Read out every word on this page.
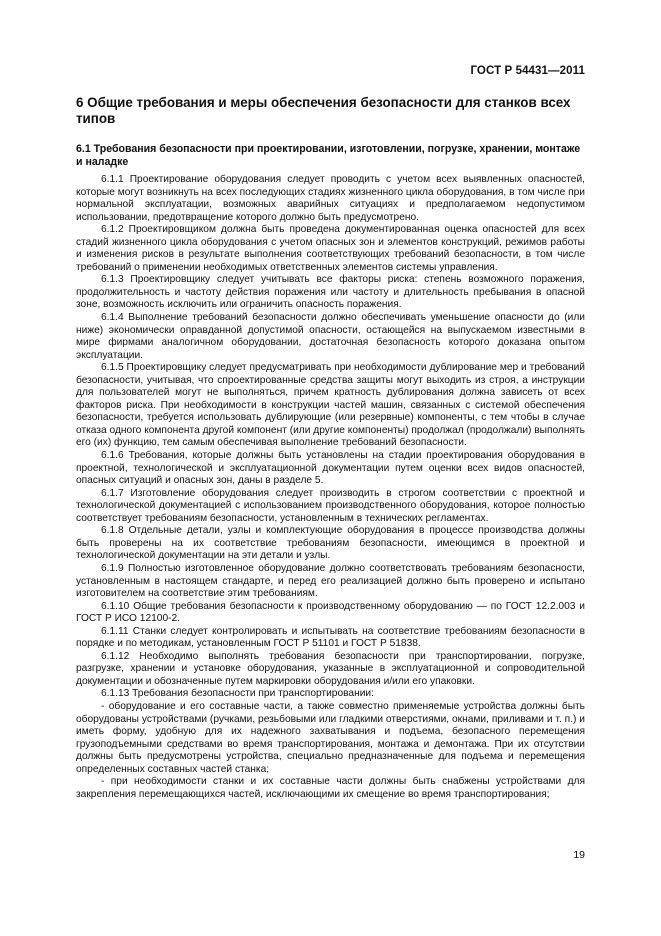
ГОСТ Р 54431—2011
6 Общие требования и меры обеспечения безопасности для станков всех типов
6.1 Требования безопасности при проектировании, изготовлении, погрузке, хранении, монтаже и наладке

6.1.1 Проектирование оборудования следует проводить с учетом всех выявленных опасностей, которые могут возникнуть на всех последующих стадиях жизненного цикла оборудования, в том числе при нормальной эксплуатации, возможных аварийных ситуациях и предполагаемом недопустимом использовании, предотвращение которого должно быть предусмотрено.

6.1.2 Проектировщиком должна быть проведена документированная оценка опасностей для всех стадий жизненного цикла оборудования с учетом опасных зон и элементов конструкций, режимов работы и изменения рисков в результате выполнения соответствующих требований безопасности, в том числе требований о применении необходимых ответственных элементов системы управления.

6.1.3 Проектировщику следует учитывать все факторы риска: степень возможного поражения, продолжительность и частоту действия поражения или частоту и длительность пребывания в опасной зоне, возможность исключить или ограничить опасность поражения.

6.1.4 Выполнение требований безопасности должно обеспечивать уменьшение опасности до (или ниже) экономически оправданной допустимой опасности, остающейся на выпускаемом известными в мире фирмами аналогичном оборудовании, достаточная безопасность которого доказана опытом эксплуатации.

6.1.5 Проектировщику следует предусматривать при необходимости дублирование мер и требований безопасности, учитывая, что спроектированные средства защиты могут выходить из строя, а инструкции для пользователей могут не выполняться, причем кратность дублирования должна зависеть от всех факторов риска. При необходимости в конструкции частей машин, связанных с системой обеспечения безопасности, требуется использовать дублирующие (или резервные) компоненты, с тем чтобы в случае отказа одного компонента другой компонент (или другие компоненты) продолжал (продолжали) выполнять его (их) функцию, тем самым обеспечивая выполнение требований безопасности.

6.1.6 Требования, которые должны быть установлены на стадии проектирования оборудования в проектной, технологической и эксплуатационной документации путем оценки всех видов опасностей, опасных ситуаций и опасных зон, даны в разделе 5.

6.1.7 Изготовление оборудования следует производить в строгом соответствии с проектной и технологической документацией с использованием производственного оборудования, которое полностью соответствует требованиям безопасности, установленным в технических регламентах.

6.1.8 Отдельные детали, узлы и комплектующие оборудования в процессе производства должны быть проверены на их соответствие требованиям безопасности, имеющимся в проектной и технологической документации на эти детали и узлы.

6.1.9 Полностью изготовленное оборудование должно соответствовать требованиям безопасности, установленным в настоящем стандарте, и перед его реализацией должно быть проверено и испытано изготовителем на соответствие этим требованиям.

6.1.10 Общие требования безопасности к производственному оборудованию — по ГОСТ 12.2.003 и ГОСТ Р ИСО 12100-2.

6.1.11 Станки следует контролировать и испытывать на соответствие требованиям безопасности в порядке и по методикам, установленным ГОСТ Р 51101 и ГОСТ Р 51838.

6.1.12 Необходимо выполнять требования безопасности при транспортировании, погрузке, разгрузке, хранении и установке оборудования, указанные в эксплуатационной и сопроводительной документации и обозначенные путем маркировки оборудования и/или его упаковки.

6.1.13 Требования безопасности при транспортировании:

- оборудование и его составные части, а также совместно применяемые устройства должны быть оборудованы устройствами (ручками, резьбовыми или гладкими отверстиями, окнами, приливами и т. п.) и иметь форму, удобную для их надежного захватывания и подъема, безопасного перемещения грузоподъемными средствами во время транспортирования, монтажа и демонтажа. При их отсутствии должны быть предусмотрены устройства, специально предназначенные для подъема и перемещения определенных составных частей станка;

- при необходимости станки и их составные части должны быть снабжены устройствами для закрепления перемещающихся частей, исключающими их смещение во время транспортирования;

19
